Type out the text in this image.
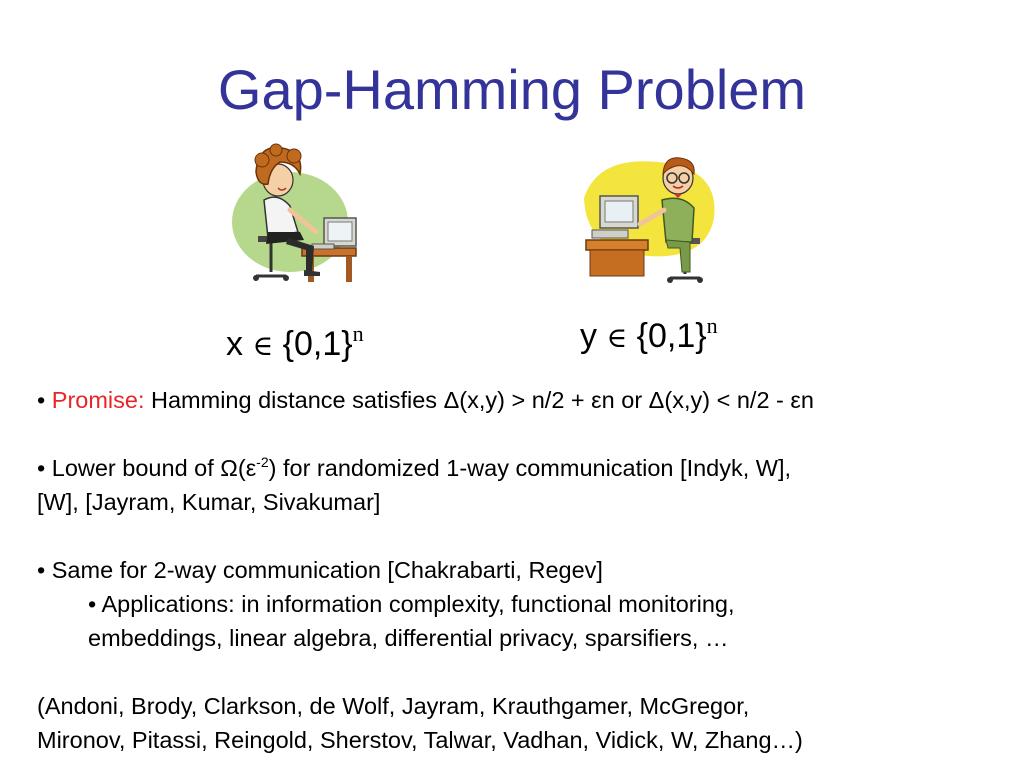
Gap-Hamming Problem
x ∈ $\{0,1\}^n$	y ∈ $\{0,1\}^n$

• Promise: Hamming distance satisfies Δ(x,y) > n/2 + εn or Δ(x,y) < n/2 - εn

• Lower bound of $\Omega(\varepsilon^{-2})$ for randomized 1-way communication [Indyk, W],

[W], [Jayram, Kumar, Sivakumar]

• Same for 2-way communication [Chakrabarti, Regev]

• Applications: in information complexity, functional monitoring,

embeddings, linear algebra, differential privacy, sparsifiers, …

(Andoni, Brody, Clarkson, de Wolf, Jayram, Krauthgamer, McGregor,

Mironov, Pitassi, Reingold, Sherstov, Talwar, Vadhan, Vidick, W, Zhang…)
